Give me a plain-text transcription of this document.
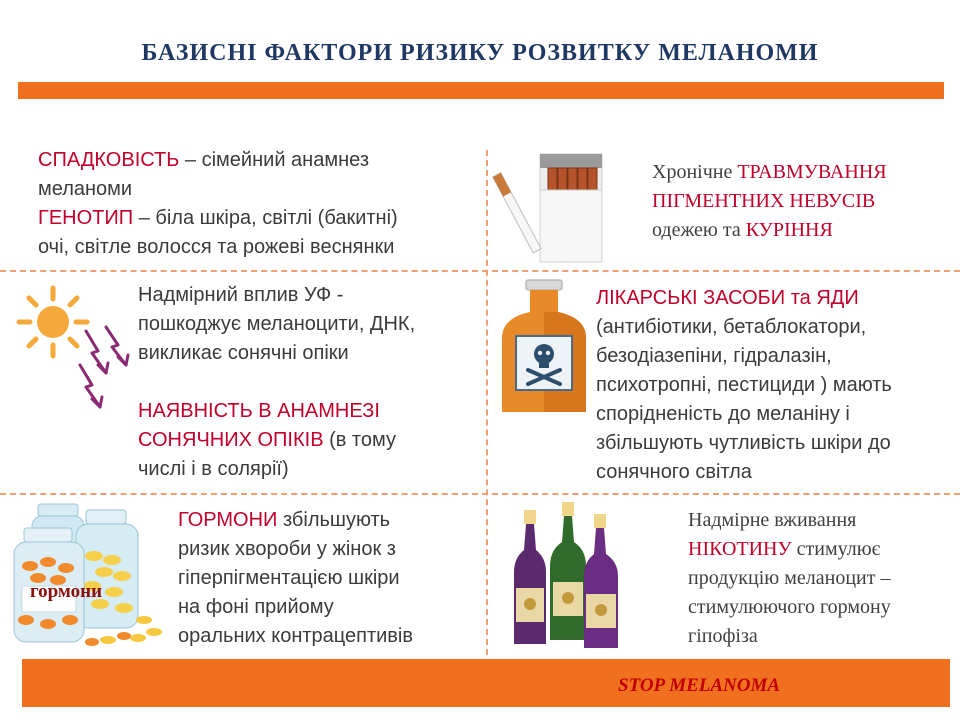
БАЗИСНІ ФАКТОРИ РИЗИКУ РОЗВИТКУ МЕЛАНОМИ
СПАДКОВІСТЬ – сімейний анамнез
меланоми
ГЕНОТИП – біла шкіра, світлі (бакитні)
очі, світле волосся та рожеві веснянки
Хронічне ТРАВМУВАННЯ
ПІГМЕНТНИХ НЕВУСІВ
одежею та КУРІННЯ
Надмірний вплив УФ -
пошкоджує меланоцити, ДНК,
викликає сонячні опіки
НАЯВНІСТЬ В АНАМНЕЗІ
СОНЯЧНИХ ОПІКІВ (в тому
числі і в солярії)
ЛІКАРСЬКІ ЗАСОБИ та ЯДИ
(антибіотики, бетаблокатори,
безодіазепіни, гідралазін,
психотропні, пестициди ) мають
спорідненість до меланіну і
збільшують чутливість шкіри до
сонячного світла
гормони
ГОРМОНИ збільшують
ризик хвороби у жінок з
гіперпігментацією шкіри
на фоні прийому
оральних контрацептивів
Надмірне вживання
НІКОТИНУ стимулює
продукцію меланоцит –
стимулюючого гормону
гіпофіза
STOP MELANOMA
